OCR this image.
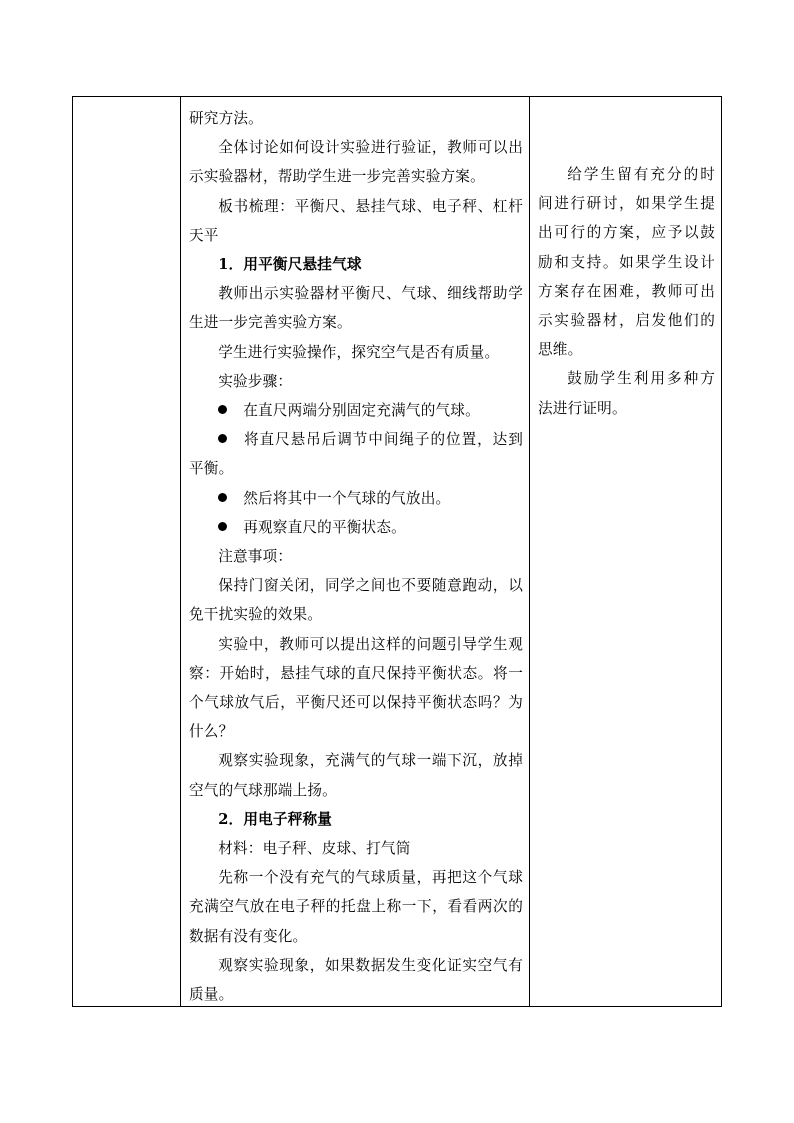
研究方法。
全体讨论如何设计实验进行验证，教师可以出示实验器材，帮助学生进一步完善实验方案。
板书梳理：平衡尺、悬挂气球、电子秤、杠杆天平
1．用平衡尺悬挂气球
教师出示实验器材平衡尺、气球、细线帮助学生进一步完善实验方案。
学生进行实验操作，探究空气是否有质量。
实验步骤：
在直尺两端分别固定充满气的气球。
将直尺悬吊后调节中间绳子的位置，达到平衡。
然后将其中一个气球的气放出。
再观察直尺的平衡状态。
注意事项：
保持门窗关闭，同学之间也不要随意跑动，以免干扰实验的效果。
实验中，教师可以提出这样的问题引导学生观察：开始时，悬挂气球的直尺保持平衡状态。将一个气球放气后，平衡尺还可以保持平衡状态吗？为什么？
观察实验现象，充满气的气球一端下沉，放掉空气的气球那端上扬。
2．用电子秤称量
材料：电子秤、皮球、打气筒
先称一个没有充气的气球质量，再把这个气球充满空气放在电子秤的托盘上称一下，看看两次的数据有没有变化。
观察实验现象，如果数据发生变化证实空气有质量。
给学生留有充分的时间进行研讨，如果学生提出可行的方案，应予以鼓励和支持。如果学生设计方案存在困难，教师可出示实验器材，启发他们的思维。
鼓励学生利用多种方法进行证明。
